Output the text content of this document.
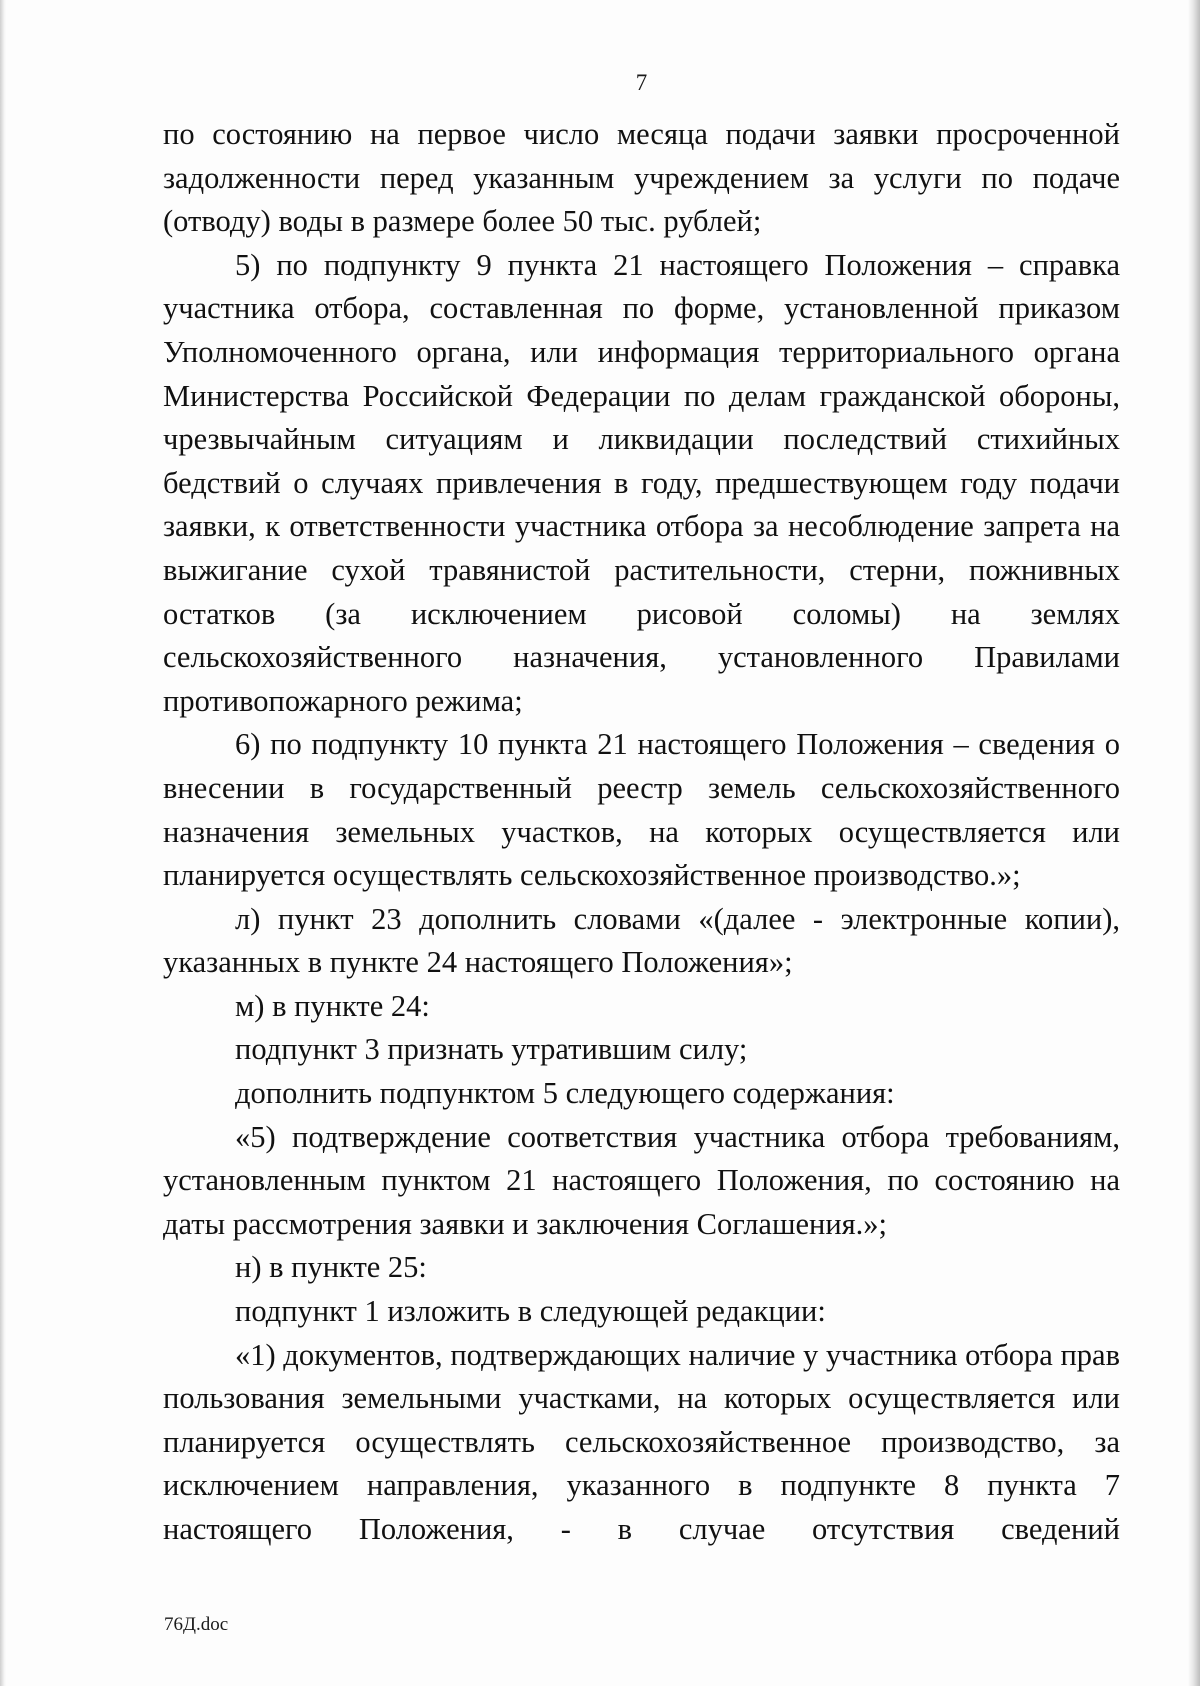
7

по состоянию на первое число месяца подачи заявки просроченной задолженности перед указанным учреждением за услуги по подаче (отводу) воды в размере более 50 тыс. рублей;

5) по подпункту 9 пункта 21 настоящего Положения – справка участника отбора, составленная по форме, установленной приказом Уполномоченного органа, или информация территориального органа Министерства Российской Федерации по делам гражданской обороны, чрезвычайным ситуациям и ликвидации последствий стихийных бедствий о случаях привлечения в году, предшествующем году подачи заявки, к ответственности участника отбора за несоблюдение запрета на выжигание сухой травянистой растительности, стерни, пожнивных остатков (за исключением рисовой соломы) на землях сельскохозяйственного назначения, установленного Правилами противопожарного режима;

6) по подпункту 10 пункта 21 настоящего Положения – сведения о внесении в государственный реестр земель сельскохозяйственного назначения земельных участков, на которых осуществляется или планируется осуществлять сельскохозяйственное производство.»;

л) пункт 23 дополнить словами «(далее - электронные копии), указанных в пункте 24 настоящего Положения»;

м) в пункте 24:

подпункт 3 признать утратившим силу;

дополнить подпунктом 5 следующего содержания:

«5) подтверждение соответствия участника отбора требованиям, установленным пунктом 21 настоящего Положения, по состоянию на даты рассмотрения заявки и заключения Соглашения.»;

н) в пункте 25:

подпункт 1 изложить в следующей редакции:

«1) документов, подтверждающих наличие у участника отбора прав пользования земельными участками, на которых осуществляется или планируется осуществлять сельскохозяйственное производство, за исключением направления, указанного в подпункте 8 пункта 7 настоящего Положения, - в случае отсутствия сведений

76Д.doc
